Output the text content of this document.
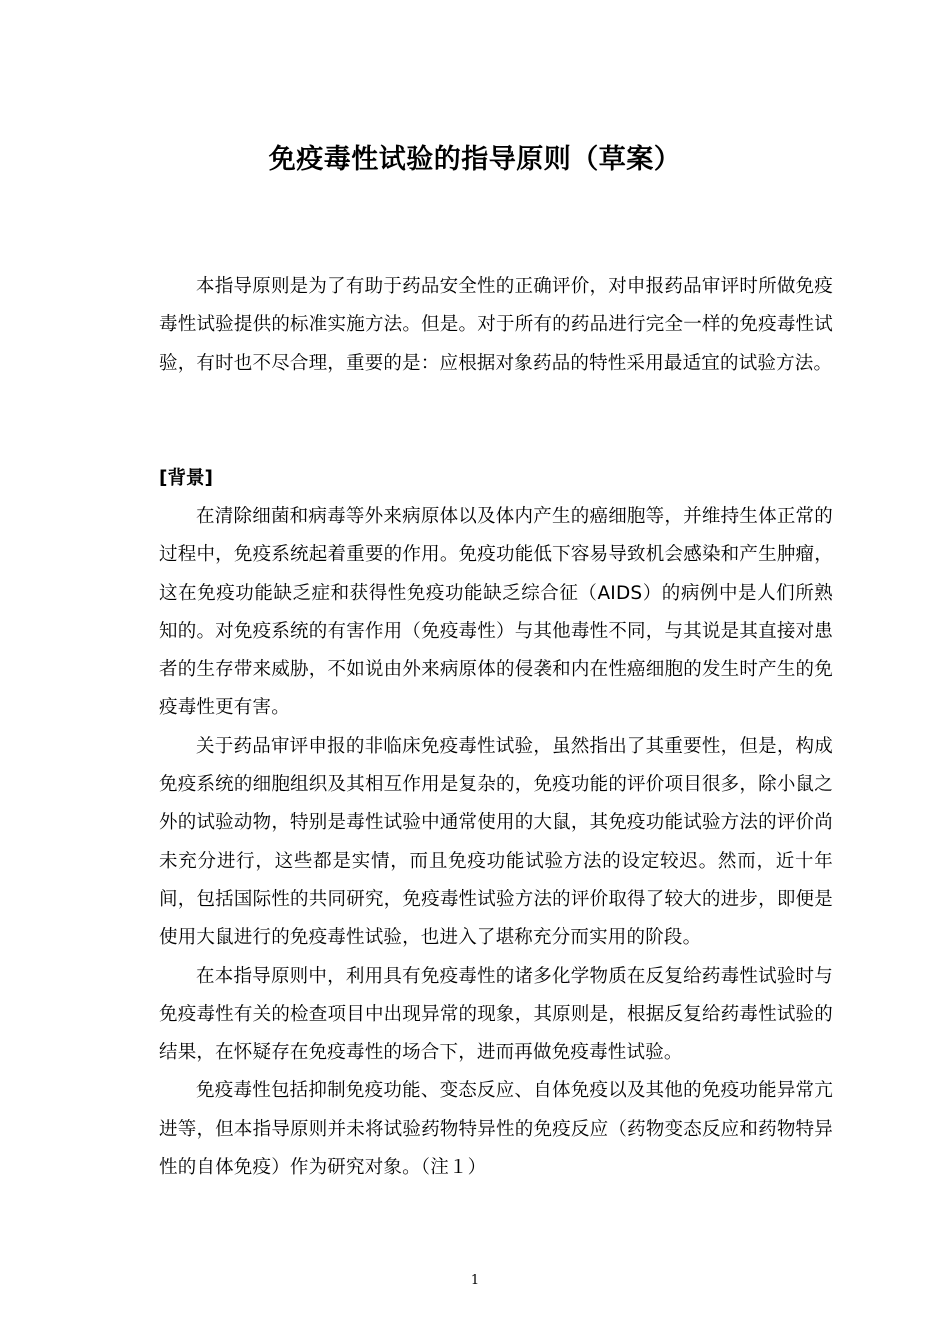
免疫毒性试验的指导原则（草案）

本指导原则是为了有助于药品安全性的正确评价，对申报药品审评时所做免疫毒性试验提供的标准实施方法。但是。对于所有的药品进行完全一样的免疫毒性试验，有时也不尽合理，重要的是：应根据对象药品的特性采用最适宜的试验方法。

[背景]

在清除细菌和病毒等外来病原体以及体内产生的癌细胞等，并维持生体正常的过程中，免疫系统起着重要的作用。免疫功能低下容易导致机会感染和产生肿瘤，这在免疫功能缺乏症和获得性免疫功能缺乏综合征（AIDS）的病例中是人们所熟知的。对免疫系统的有害作用（免疫毒性）与其他毒性不同，与其说是其直接对患者的生存带来威胁，不如说由外来病原体的侵袭和内在性癌细胞的发生时产生的免疫毒性更有害。

关于药品审评申报的非临床免疫毒性试验，虽然指出了其重要性，但是，构成免疫系统的细胞组织及其相互作用是复杂的，免疫功能的评价项目很多，除小鼠之外的试验动物，特别是毒性试验中通常使用的大鼠，其免疫功能试验方法的评价尚未充分进行，这些都是实情，而且免疫功能试验方法的设定较迟。然而，近十年间，包括国际性的共同研究，免疫毒性试验方法的评价取得了较大的进步，即便是使用大鼠进行的免疫毒性试验，也进入了堪称充分而实用的阶段。

在本指导原则中，利用具有免疫毒性的诸多化学物质在反复给药毒性试验时与免疫毒性有关的检查项目中出现异常的现象，其原则是，根据反复给药毒性试验的结果，在怀疑存在免疫毒性的场合下，进而再做免疫毒性试验。

免疫毒性包括抑制免疫功能、变态反应、自体免疫以及其他的免疫功能异常亢进等，但本指导原则并未将试验药物特异性的免疫反应（药物变态反应和药物特异性的自体免疫）作为研究对象。（注１）

1
